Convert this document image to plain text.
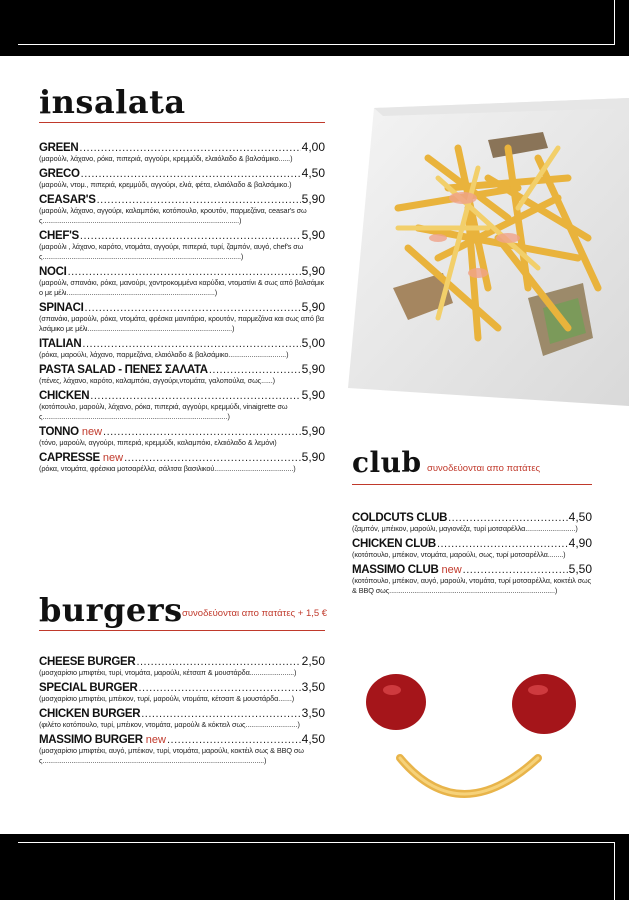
insalata
GREEN .....	4,00
(μαρούλι, λάχανο, ρόκα, πιπεριά, αγγούρι, κρεμμύδι, ελαιόλαδο & βαλσάμικο......)
GRECO .....	4,50
(μαρούλι, ντομ., πιπεριά, κρεμμύδι, αγγούρι, ελιά, φέτα, ελαιόλαδο & βαλσάμικο.)
CEASAR'S .....	5,90
(μαρούλι, λάχανο, αγγούρι, καλαμπόκι, κοτόπουλο, κρουτόν, παρμεζάνα, ceasar's σως......................................................................................................)
CHEF'S .....	5,90
(μαρούλι , λάχανο, καρότο, ντομάτα, αγγούρι, πιπεριά, τυρί, ζαμπόν, αυγό, chef's σως.......................................................................................................)
NOCI .....	5,90
(μαρούλι, σπανάκι, ρόκα, μανούρι, χοντροκομμένα καρύδια, ντοματίνι & σως από βαλσάμικο με μέλι.............................................................................)
SPINACI .....	5,90
(σπανάκι, μαρούλι, ρόκα, ντομάτα, φρέσκα μανιτάρια, κρουτόν, παρμεζάνα και σως από βαλσάμικο με μέλι...........................................................................)
ITALIAN .....	5,00
(ρόκα, μαρούλι, λάχανο, παρμεζάνα, ελαιόλαδο & βαλσάμικο..............................)
PASTA SALAD - ΠΕΝΕΣ ΣΑΛΑΤΑ .....	5,90
(πένες, λάχανο, καρότο, καλαμπόκι, αγγούρι,ντομάτα, γαλοπούλα, σως......)
CHICKEN .....	5,90
(κοτόπουλο, μαρούλι, λάχανο, ρόκα, πιπεριά, αγγούρι, κρεμμύδι, vinaigrette σως................................................................................................)
TONNO new .....	5,90
(τόνο, μαρούλι, αγγούρι, πιπεριά, κρεμμύδι, καλαμπόκι, ελαιόλαδο & λεμόνι)
CAPRESSE new .....	5,90
(ρόκα, ντομάτα, φρέσκια μοτσαρέλλα, σάλτσα βασιλικού.........................................)	club συνοδεύονται απο πατάτες
COLDCUTS CLUB .....	4,50
(ζαμπόν, μπέικον, μαρούλι, μαγιονέζα, τυρί μοτσαρέλλα..........................)
CHICKEN CLUB .....	4,90
(κοτόπουλο, μπέικον, ντομάτα, μαρούλι, σως, τυρί μοτσαρέλλα........)
MASSIMO CLUB new .....	5,50
(κοτόπουλο, μπέικον, αυγό, μαρούλι, ντομάτα, τυρί μοτσαρέλλα, κοκτέιλ σως & BBQ σως......................................................................................)
burgers συνοδεύονται απο πατάτες + 1,5 €
CHEESE BURGER .....	2,50
(μοσχαρίσιο μπιφτέκι, τυρί, ντομάτα, μαρούλι, κέτσαπ & μουστάρδα.......................)
SPECIAL BURGER .....	3,50
(μοσχαρίσιο μπιφτέκι, μπέικον, τυρί, μαρούλι, ντομάτα, κέτσαπ & μουστάρδα.......)
CHICKEN BURGER .....	3,50
(φιλέτο κοτόπουλο, τυρί, μπέικον, ντομάτα, μαρούλι & κόκτειλ σως...........................)
MASSIMO BURGER new .....	4,50
(μοσχαρίσιο μπιφτέκι, αυγό, μπέικον, τυρί, ντομάτα, μαρούλι, κοκτέιλ σως & BBQ σως...................................................................................................................)
